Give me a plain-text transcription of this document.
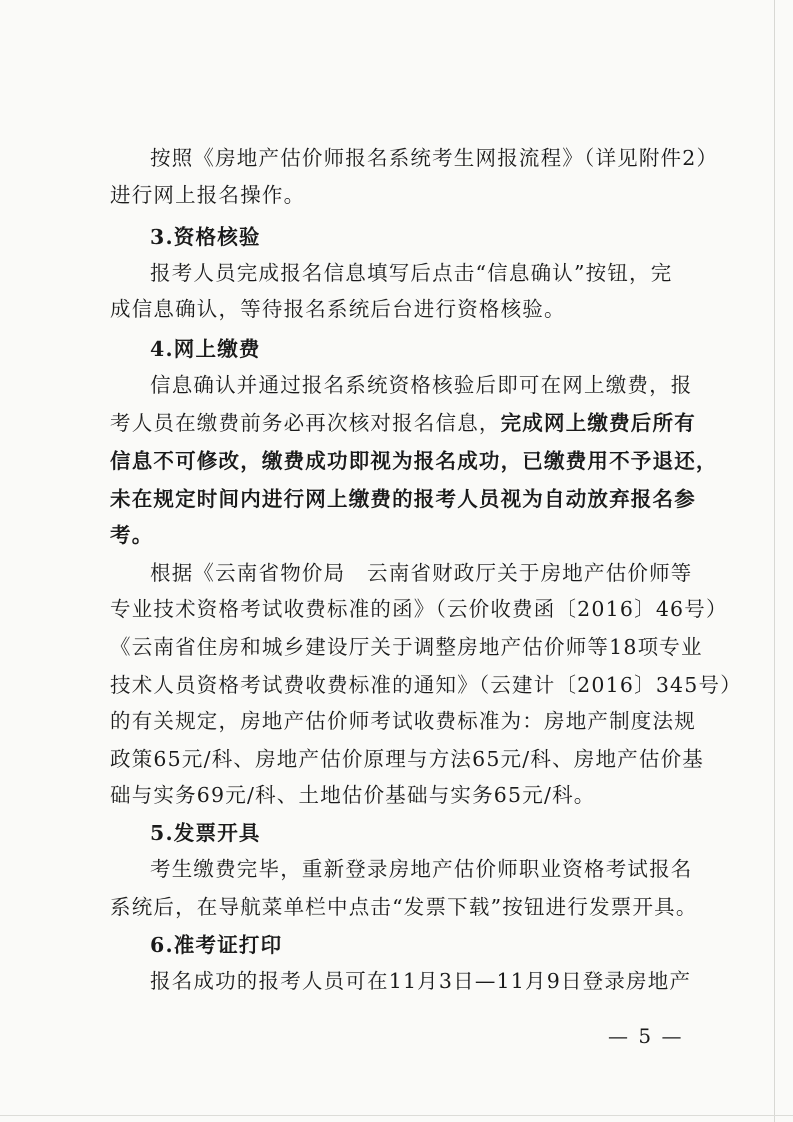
按照《房地产估价师报名系统考生网报流程》（详见附件2）
进行网上报名操作。
3.资格核验
报考人员完成报名信息填写后点击“信息确认”按钮，完
成信息确认，等待报名系统后台进行资格核验。
4.网上缴费
信息确认并通过报名系统资格核验后即可在网上缴费，报
考人员在缴费前务必再次核对报名信息，完成网上缴费后所有
信息不可修改，缴费成功即视为报名成功，已缴费用不予退还，
未在规定时间内进行网上缴费的报考人员视为自动放弃报名参
考。
根据《云南省物价局　云南省财政厅关于房地产估价师等
专业技术资格考试收费标准的函》（云价收费函〔2016〕46号）
《云南省住房和城乡建设厅关于调整房地产估价师等18项专业
技术人员资格考试费收费标准的通知》（云建计〔2016〕345号）
的有关规定，房地产估价师考试收费标准为：房地产制度法规
政策65元/科、房地产估价原理与方法65元/科、房地产估价基
础与实务69元/科、土地估价基础与实务65元/科。
5.发票开具
考生缴费完毕，重新登录房地产估价师职业资格考试报名
系统后，在导航菜单栏中点击“发票下载”按钮进行发票开具。
6.准考证打印
报名成功的报考人员可在11月3日—11月9日登录房地产
— 5 —
